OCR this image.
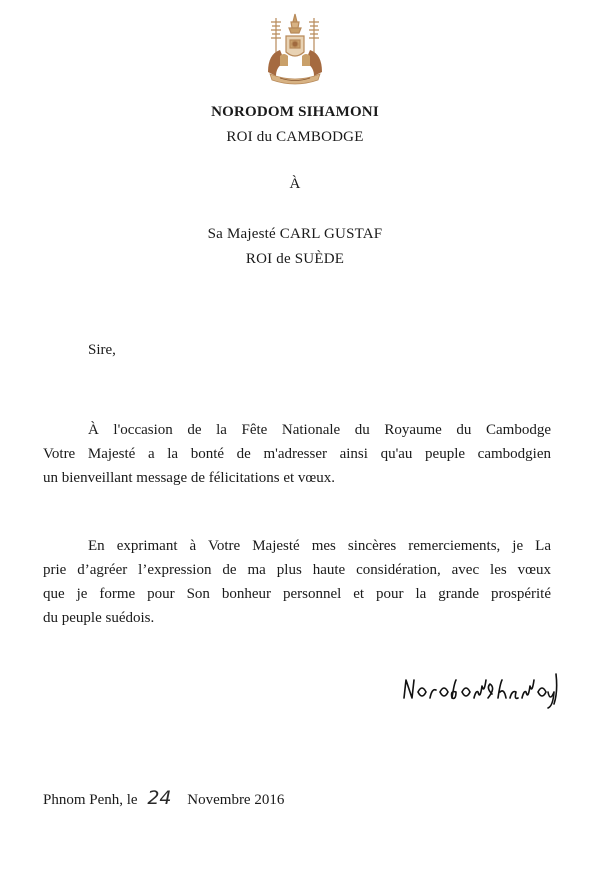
NORODOM SIHAMONI
ROI du CAMBODGE
À
Sa Majesté CARL GUSTAF
ROI de SUÈDE
Sire,
À l'occasion de la Fête Nationale du Royaume du Cambodge
Votre Majesté a la bonté de m'adresser ainsi qu'au peuple cambodgien
un bienveillant message de félicitations et vœux.
En exprimant à Votre Majesté mes sincères remerciements, je La
prie d’agréer l’expression de ma plus haute considération, avec les vœux
que je forme pour Son bonheur personnel et pour la grande prospérité
du peuple suédois.
Phnom Penh, le 24 Novembre 2016
